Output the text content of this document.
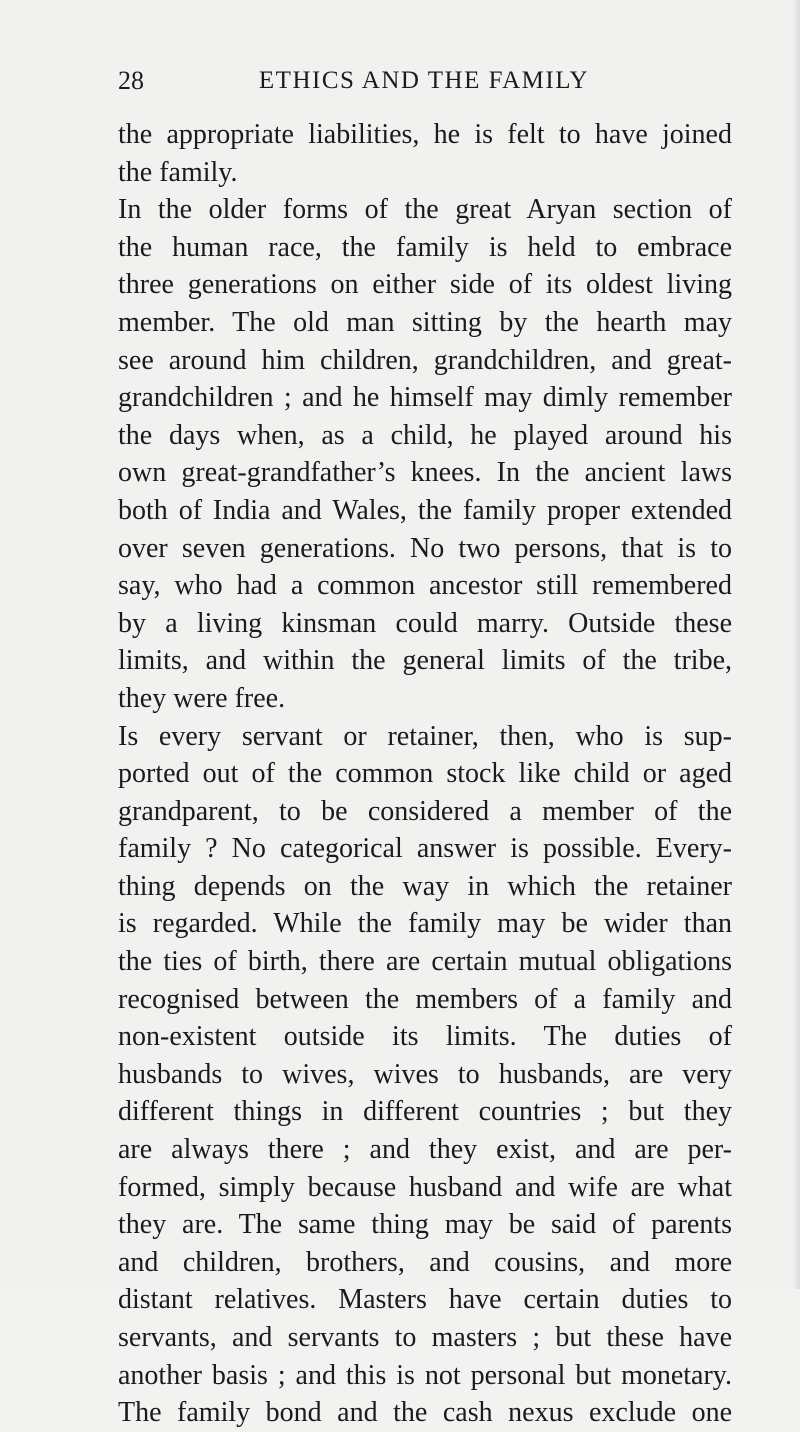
28	ETHICS AND THE FAMILY
the appropriate liabilities, he is felt to have joined
the family.
In the older forms of the great Aryan section of
the human race, the family is held to embrace
three generations on either side of its oldest living
member. The old man sitting by the hearth may
see around him children, grandchildren, and great-
grandchildren ; and he himself may dimly remember
the days when, as a child, he played around his
own great-grandfather’s knees. In the ancient laws
both of India and Wales, the family proper extended
over seven generations. No two persons, that is to
say, who had a common ancestor still remembered
by a living kinsman could marry. Outside these
limits, and within the general limits of the tribe,
they were free.
Is every servant or retainer, then, who is sup-
ported out of the common stock like child or aged
grandparent, to be considered a member of the
family ? No categorical answer is possible. Every-
thing depends on the way in which the retainer
is regarded. While the family may be wider than
the ties of birth, there are certain mutual obligations
recognised between the members of a family and
non-existent outside its limits. The duties of
husbands to wives, wives to husbands, are very
different things in different countries ; but they
are always there ; and they exist, and are per-
formed, simply because husband and wife are what
they are. The same thing may be said of parents
and children, brothers, and cousins, and more
distant relatives. Masters have certain duties to
servants, and servants to masters ; but these have
another basis ; and this is not personal but monetary.
The family bond and the cash nexus exclude one
